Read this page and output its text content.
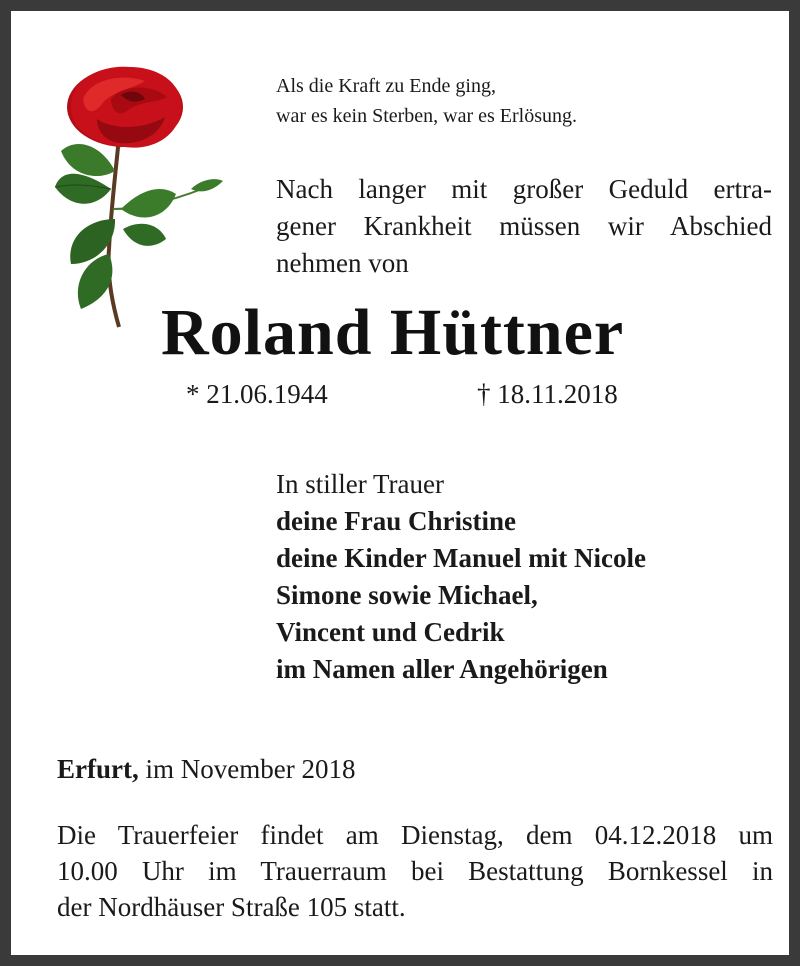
Als die Kraft zu Ende ging,
war es kein Sterben, war es Erlösung.
Nach langer mit großer Geduld ertra-
gener Krankheit müssen wir Abschied
nehmen von
Roland Hüttner
* 21.06.1944	† 18.11.2018
In stiller Trauer
deine Frau Christine
deine Kinder Manuel mit Nicole
Simone sowie Michael,
Vincent und Cedrik
im Namen aller Angehörigen
Erfurt, im November 2018
Die Trauerfeier findet am Dienstag, dem 04.12.2018 um
10.00 Uhr im Trauerraum bei Bestattung Bornkessel in
der Nordhäuser Straße 105 statt.
